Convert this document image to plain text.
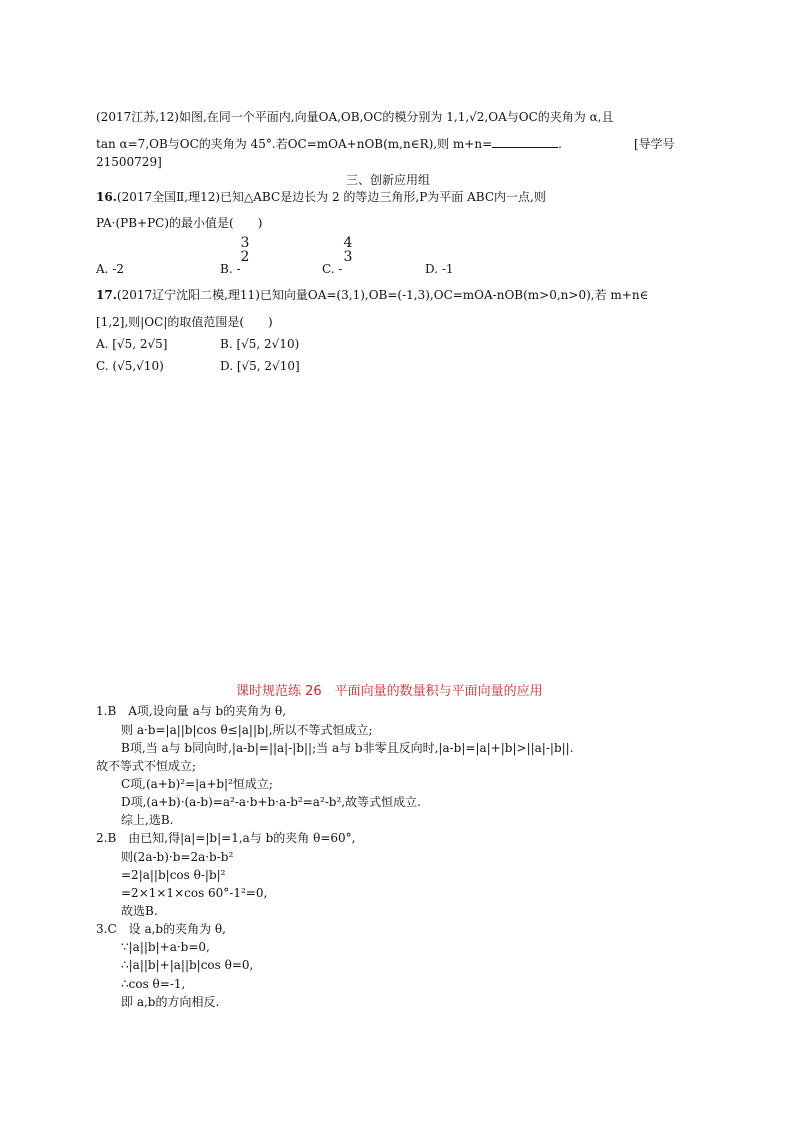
(2017江苏,12)如图,在同一个平面内,向量OA,OB,OC的模分别为 1,1,√2,OA与OC的夹角为 α,且
tan α=7,OB与OC的夹角为 45°.若OC=mOA+nOB(m,n∈R),则 m+n=	.	[导学号
21500729]
三、创新应用组
16.(2017全国Ⅱ,理12)已知△ABC是边长为 2 的等边三角形,P为平面 ABC内一点,则
PA·(PB+PC)的最小值是(　　)
A. -2	B. -
3
2
C. -
4
3
D. -1
17.(2017辽宁沈阳二模,理11)已知向量OA=(3,1),OB=(-1,3),OC=mOA-nOB(m>0,n>0),若 m+n∈
[1,2],则|OC|的取值范围是(　　)
A. [√5, 2√5]	B. [√5, 2√10)
C. (√5,√10)	D. [√5, 2√10]
课时规范练 26　平面向量的数量积与平面向量的应用
1.B　A项,设向量 a与 b的夹角为 θ,
则 a·b=|a||b|cos θ≤|a||b|,所以不等式恒成立;
B项,当 a与 b同向时,|a-b|=||a|-|b||;当 a与 b非零且反向时,|a-b|=|a|+|b|>||a|-|b||.
故不等式不恒成立;
C项,(a+b)²=|a+b|²恒成立;
D项,(a+b)·(a-b)=a²-a·b+b·a-b²=a²-b²,故等式恒成立.
综上,选B.
2.B　由已知,得|a|=|b|=1,a与 b的夹角 θ=60°,
则(2a-b)·b=2a·b-b²
=2|a||b|cos θ-|b|²
=2×1×1×cos 60°-1²=0,
故选B.
3.C　设 a,b的夹角为 θ,
∵|a||b|+a·b=0,
∴|a||b|+|a||b|cos θ=0,
∴cos θ=-1,
即 a,b的方向相反.
